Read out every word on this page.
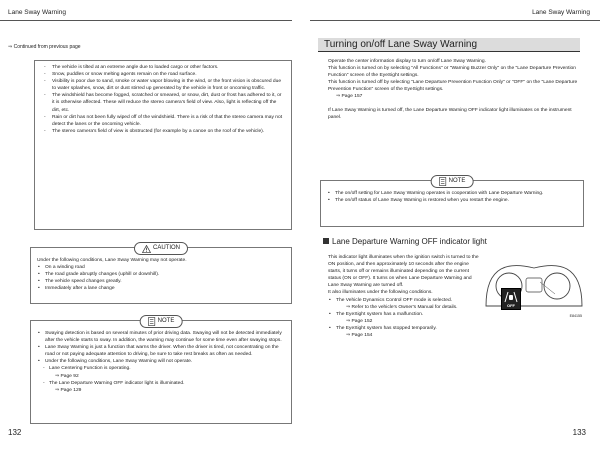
Lane Sway Warning	Lane Sway Warning
⇒ Continued from previous page
- The vehicle is tilted at an extreme angle due to loaded cargo or other factors.
- Snow, puddles or snow melting agents remain on the road surface.
- Visibility is poor due to sand, smoke or water vapor blowing in the wind, or the front vision is obscured due to water splashes, snow, dirt or dust stirred up generated by the vehicle in front or oncoming traffic.
- The windshield has become fogged, scratched or smeared, or snow, dirt, dust or frost has adhered to it, or it is otherwise affected. These will reduce the stereo camera's field of view. Also, light is reflecting off the dirt, etc.
- Rain or dirt has not been fully wiped off of the windshield. There is a risk of that the stereo camera may not detect the lanes or the oncoming vehicle.
- The stereo camera's field of view is obstructed (for example by a canoe on the roof of the vehicle).
CAUTION
Under the following conditions, Lane Sway Warning may not operate.
• On a winding road
• The road grade abruptly changes (uphill or downhill).
• The vehicle speed changes greatly.
• Immediately after a lane change
NOTE
• Swaying detection is based on several minutes of prior driving data. Swaying will not be detected immediately after the vehicle starts to sway. In addition, the warning may continue for some time even after swaying stops.
• Lane Sway Warning is just a function that warns the driver. When the driver is tired, not concentrating on the road or not paying adequate attention to driving, be sure to take rest breaks as often as needed.
• Under the following conditions, Lane Sway Warning will not operate.
- Lane Centering Function is operating.
⇒ Page 92
- The Lane Departure Warning OFF indicator light is illuminated.
⇒ Page 129
132
Turning on/off Lane Sway Warning
Operate the center information display to turn on/off Lane Sway Warning.
This function is turned on by selecting "All Functions" or "Warning Buzzer Only" on the "Lane Departure Prevention Function" screen of the EyeSight settings.
This function is turned off by selecting "Lane Departure Prevention Function Only" or "OFF" on the "Lane Departure Prevention Function" screen of the EyeSight settings.
⇒ Page 157
If Lane Sway Warning is turned off, the Lane Departure Warning OFF indicator light illuminates on the instrument panel.
NOTE
• The on/off setting for Lane Sway Warning operates in cooperation with Lane Departure Warning.
• The on/off status of Lane Sway Warning is restored when you restart the engine.
Lane Departure Warning OFF indicator light
This indicator light illuminates when the ignition switch is turned to the ON position, and then approximately 10 seconds after the engine starts, it turns off or remains illuminated depending on the current status (ON or OFF). It turns on when Lane Departure Warning and Lane Sway Warning are turned off.
It also illuminates under the following conditions.
• The Vehicle Dynamics Control OFF mode is selected.
⇒ Refer to the vehicle's Owner's Manual for details.
• The EyeSight system has a malfunction.
⇒ Page 152
• The EyeSight system has stopped temporarily.
⇒ Page 154
OFF
E84155
133
